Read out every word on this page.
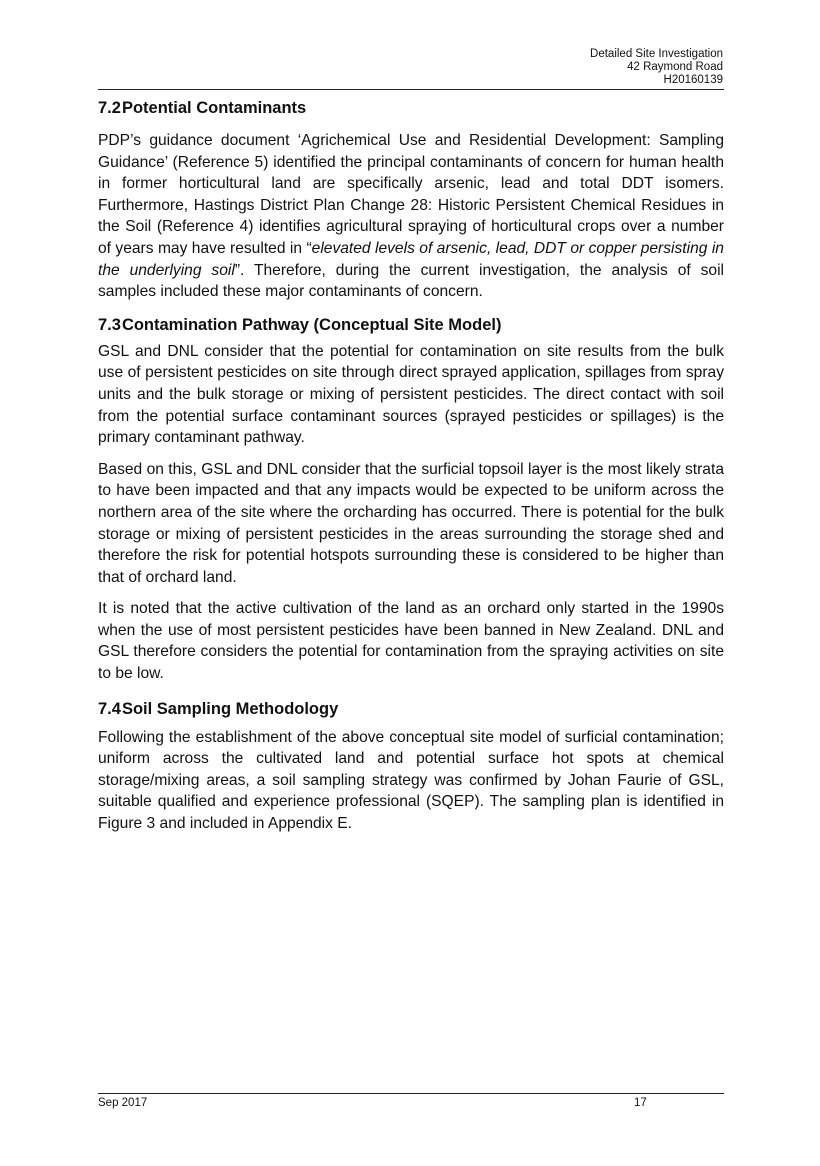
Detailed Site Investigation
42 Raymond Road
H20160139
7.2Potential Contaminants

PDP’s guidance document ‘Agrichemical Use and Residential Development: Sampling Guidance’ (Reference 5) identified the principal contaminants of concern for human health in former horticultural land are specifically arsenic, lead and total DDT isomers. Furthermore, Hastings District Plan Change 28: Historic Persistent Chemical Residues in the Soil (Reference 4) identifies agricultural spraying of horticultural crops over a number of years may have resulted in “elevated levels of arsenic, lead, DDT or copper persisting in the underlying soil”. Therefore, during the current investigation, the analysis of soil samples included these major contaminants of concern.

7.3Contamination Pathway (Conceptual Site Model)

GSL and DNL consider that the potential for contamination on site results from the bulk use of persistent pesticides on site through direct sprayed application, spillages from spray units and the bulk storage or mixing of persistent pesticides. The direct contact with soil from the potential surface contaminant sources (sprayed pesticides or spillages) is the primary contaminant pathway.

Based on this, GSL and DNL consider that the surficial topsoil layer is the most likely strata to have been impacted and that any impacts would be expected to be uniform across the northern area of the site where the orcharding has occurred. There is potential for the bulk storage or mixing of persistent pesticides in the areas surrounding the storage shed and therefore the risk for potential hotspots surrounding these is considered to be higher than that of orchard land.

It is noted that the active cultivation of the land as an orchard only started in the 1990s when the use of most persistent pesticides have been banned in New Zealand. DNL and GSL therefore considers the potential for contamination from the spraying activities on site to be low.

7.4Soil Sampling Methodology

Following the establishment of the above conceptual site model of surficial contamination; uniform across the cultivated land and potential surface hot spots at chemical storage/mixing areas, a soil sampling strategy was confirmed by Johan Faurie of GSL, suitable qualified and experience professional (SQEP). The sampling plan is identified in Figure 3 and included in Appendix E.

Sep 2017	17
